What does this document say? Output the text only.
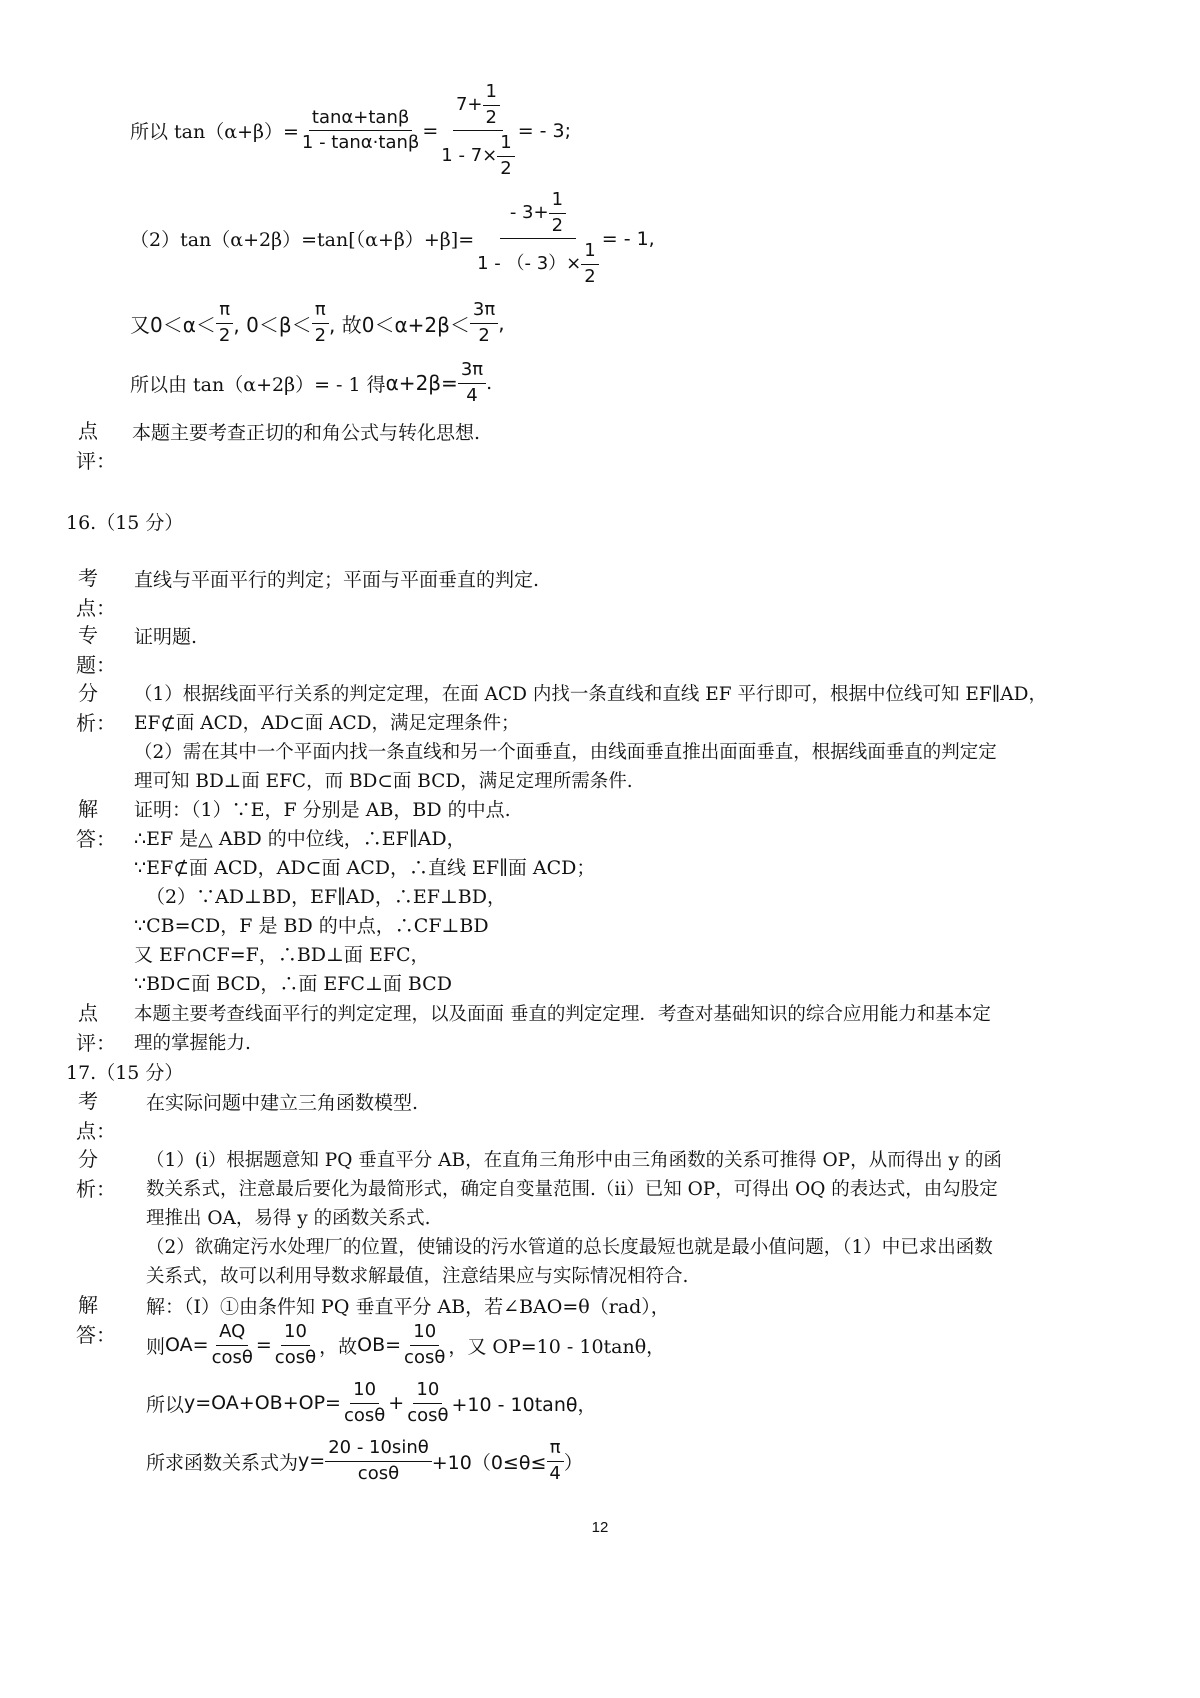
所以 $\tan(\alpha+\beta)= \frac{\tan\alpha+\tan\beta}{1 - \tan\alpha\cdot\tan\beta} = \frac{7+ \frac{1}{2}}{1 - 7\times \frac{1}{2}}$ = - 3;
$(2)\tan(\alpha+2\beta)=\tan[(\alpha+\beta)+\beta]= \frac{- 3+ \frac{1}{2}}{1 - (- 3)\times \frac{1}{2}}$ = - 1,
又$0<\alpha< \frac{\pi}{2}$ , $0<\beta< \frac{\pi}{2}$ , 故$0<\alpha+2\beta< \frac{3\pi}{2}$ ,
所以由 tan（α+2β）= - 1 得 $\alpha+2\beta= \frac{3\pi}{4}$ .
点评：
本题主要考查正切的和角公式与转化思想.
16.（15 分）
考点：
直线与平面平行的判定；平面与平面垂直的判定.
专题：
证明题.
分析：
（1）根据线面平行关系的判定定理，在面 ACD 内找一条直线和直线 EF 平行即可，根据中位线可知 EF∥AD，
EF⊄面 ACD，AD⊂面 ACD，满足定理条件；
（2）需在其中一个平面内找一条直线和另一个面垂直，由线面垂直推出面面垂直，根据线面垂直的判定定
理可知 BD⊥面 EFC，而 BD⊂面 BCD，满足定理所需条件.
解答：
证明：（1）∵E，F 分别是 AB，BD 的中点.
∴EF 是△ ABD 的中位线，∴EF∥AD，
∵EF⊄面 ACD，AD⊂面 ACD，∴直线 EF∥面 ACD；
（2）∵AD⊥BD，EF∥AD，∴EF⊥BD，
∵CB=CD，F 是 BD 的中点，∴CF⊥BD
又 EF∩CF=F，∴BD⊥面 EFC，
∵BD⊂面 BCD，∴面 EFC⊥面 BCD
点评：
本题主要考查线面平行的判定定理，以及面面 垂直的判定定理．考查对基础知识的综合应用能力和基本定
理的掌握能力.
17.（15 分）
考点：
在实际问题中建立三角函数模型.
分析：
（1）(i）根据题意知 PQ 垂直平分 AB，在直角三角形中由三角函数的关系可推得 OP，从而得出 y 的函
数关系式，注意最后要化为最简形式，确定自变量范围.（ii）已知 OP，可得出 OQ 的表达式，由勾股定
理推出 OA，易得 y 的函数关系式.
（2）欲确定污水处理厂的位置，使铺设的污水管道的总长度最短也就是最小值问题，（1）中已求出函数
关系式，故可以利用导数求解最值，注意结果应与实际情况相符合.
解答：
解：（Ⅰ）①由条件知 PQ 垂直平分 AB，若∠BAO=θ（rad），
则 $OA= \frac{AQ}{\cos\theta} = \frac{10}{\cos\theta}$ ，故 $OB= \frac{10}{\cos\theta}$ ，又 OP=10 - 10tanθ，
所以 $y=OA+OB+OP= \frac{10}{\cos\theta} + \frac{10}{\cos\theta} +10 - 10\tan\theta$，
所求函数关系式为 $y= \frac{20 - 10\sin\theta}{\cos\theta} +10(0\le\theta\le \frac{\pi}{4}$ ）
12
